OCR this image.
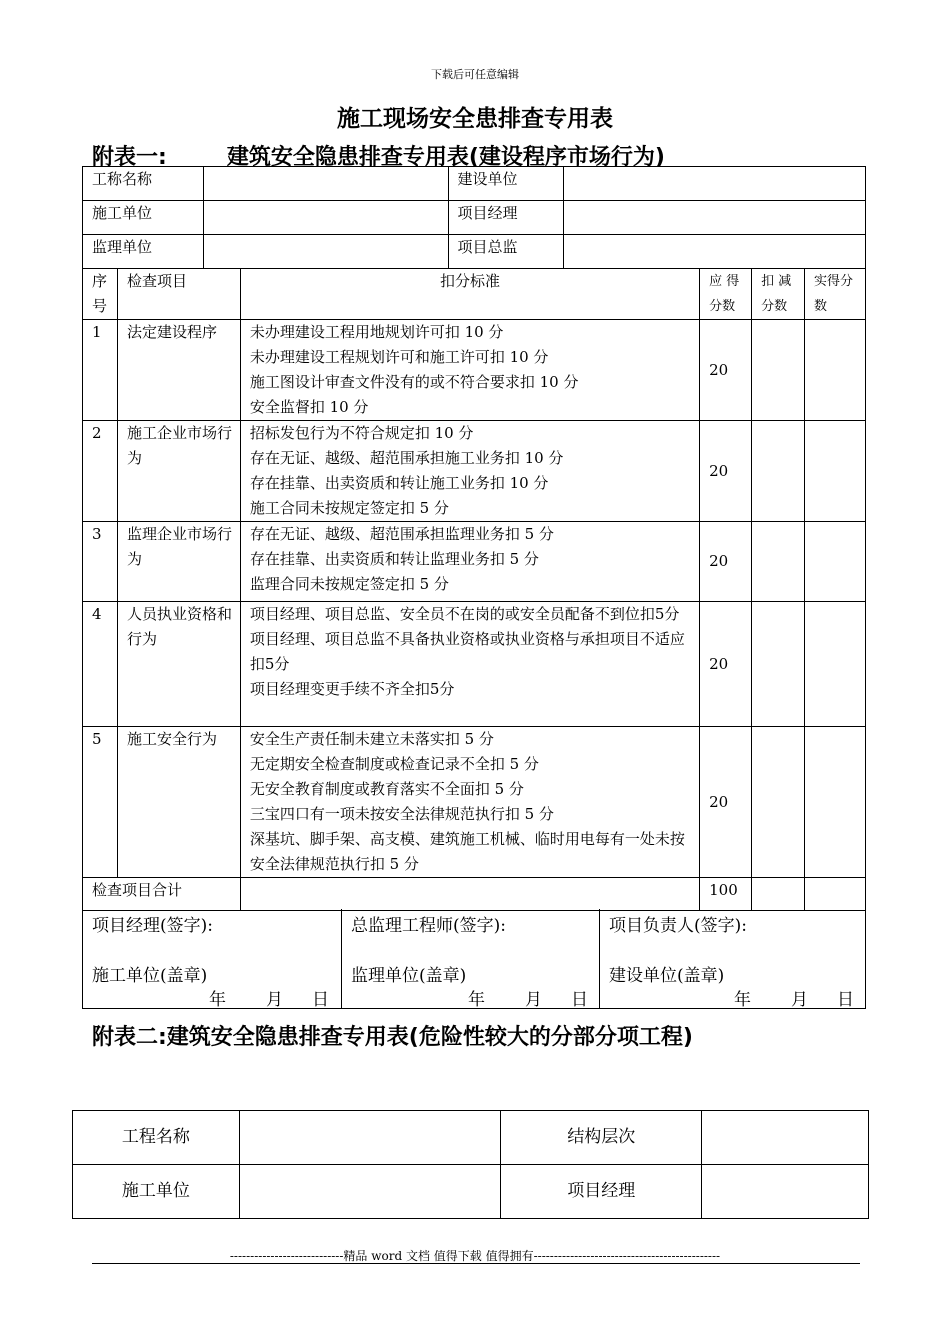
下载后可任意编辑
施工现场安全患排查专用表
附表一:	建筑安全隐患排查专用表(建设程序市场行为)
工称名称		建设单位	
施工单位		项目经理	
监理单位		项目总监	
序号	检查项目	扣分标准	应 得分数	扣 减分数	实得分数
1	法定建设程序	未办理建设工程用地规划许可扣 10 分
未办理建设工程规划许可和施工许可扣 10 分
施工图设计审查文件没有的或不符合要求扣 10 分
安全监督扣 10 分	20		
2	施工企业市场行为	招标发包行为不符合规定扣 10 分
存在无证、越级、超范围承担施工业务扣 10 分
存在挂靠、出卖资质和转让施工业务扣 10 分
施工合同未按规定签定扣 5 分	20		
3	监理企业市场行为	存在无证、越级、超范围承担监理业务扣 5 分
存在挂靠、出卖资质和转让监理业务扣 5 分
监理合同未按规定签定扣 5 分	20		
4	人员执业资格和行为	项目经理、项目总监、安全员不在岗的或安全员配备不到位扣5分
项目经理、项目总监不具备执业资格或执业资格与承担项目不适应扣5分
项目经理变更手续不齐全扣5分	20		
5	施工安全行为	安全生产责任制未建立未落实扣 5 分
无定期安全检查制度或检查记录不全扣 5 分
无安全教育制度或教育落实不全面扣 5 分
三宝四口有一项未按安全法律规范执行扣 5 分
深基坑、脚手架、高支模、建筑施工机械、临时用电每有一处未按安全法律规范执行扣 5 分	20		
检查项目合计			100		
项目经理(签字):
施工单位(盖章)
年 月 日
总监理工程师(签字):
监理单位(盖章)
年 月 日
项目负责人(签字):
建设单位(盖章)
年 月 日
附表二:建筑安全隐患排查专用表(危险性较大的分部分项工程)
工程名称		结构层次	
施工单位		项目经理	
----------------------------精品 word 文档 值得下载 值得拥有----------------------------------------------
